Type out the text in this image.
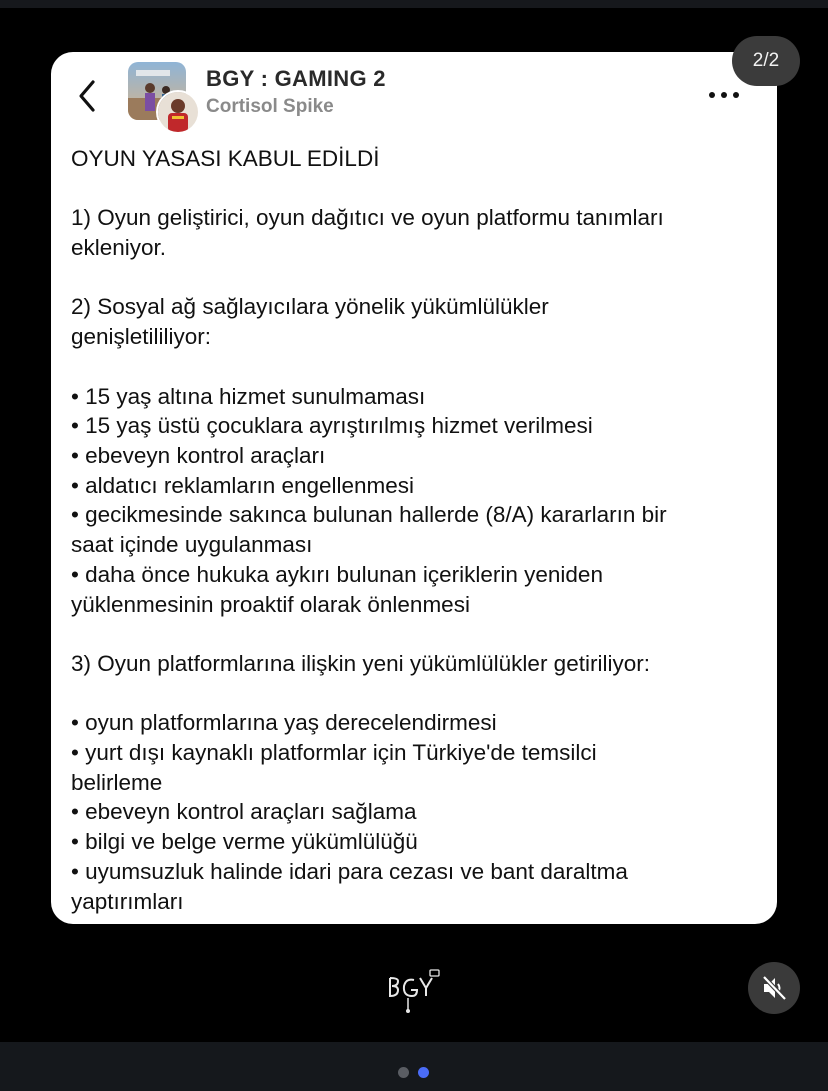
BGY : GAMING 2
Cortisol Spike
OYUN YASASI KABUL EDİLDİ
1) Oyun geliştirici, oyun dağıtıcı ve oyun platformu tanımları
ekleniyor.
2) Sosyal ağ sağlayıcılara yönelik yükümlülükler
genişletililiyor:
• 15 yaş altına hizmet sunulmaması
• 15 yaş üstü çocuklara ayrıştırılmış hizmet verilmesi
• ebeveyn kontrol araçları
• aldatıcı reklamların engellenmesi
• gecikmesinde sakınca bulunan hallerde (8/A) kararların bir
saat içinde uygulanması
• daha önce hukuka aykırı bulunan içeriklerin yeniden
yüklenmesinin proaktif olarak önlenmesi
3) Oyun platformlarına ilişkin yeni yükümlülükler getiriliyor:
• oyun platformlarına yaş derecelendirmesi
• yurt dışı kaynaklı platformlar için Türkiye'de temsilci
belirleme
• ebeveyn kontrol araçları sağlama
• bilgi ve belge verme yükümlülüğü
• uyumsuzluk halinde idari para cezası ve bant daraltma
yaptırımları
2/2
